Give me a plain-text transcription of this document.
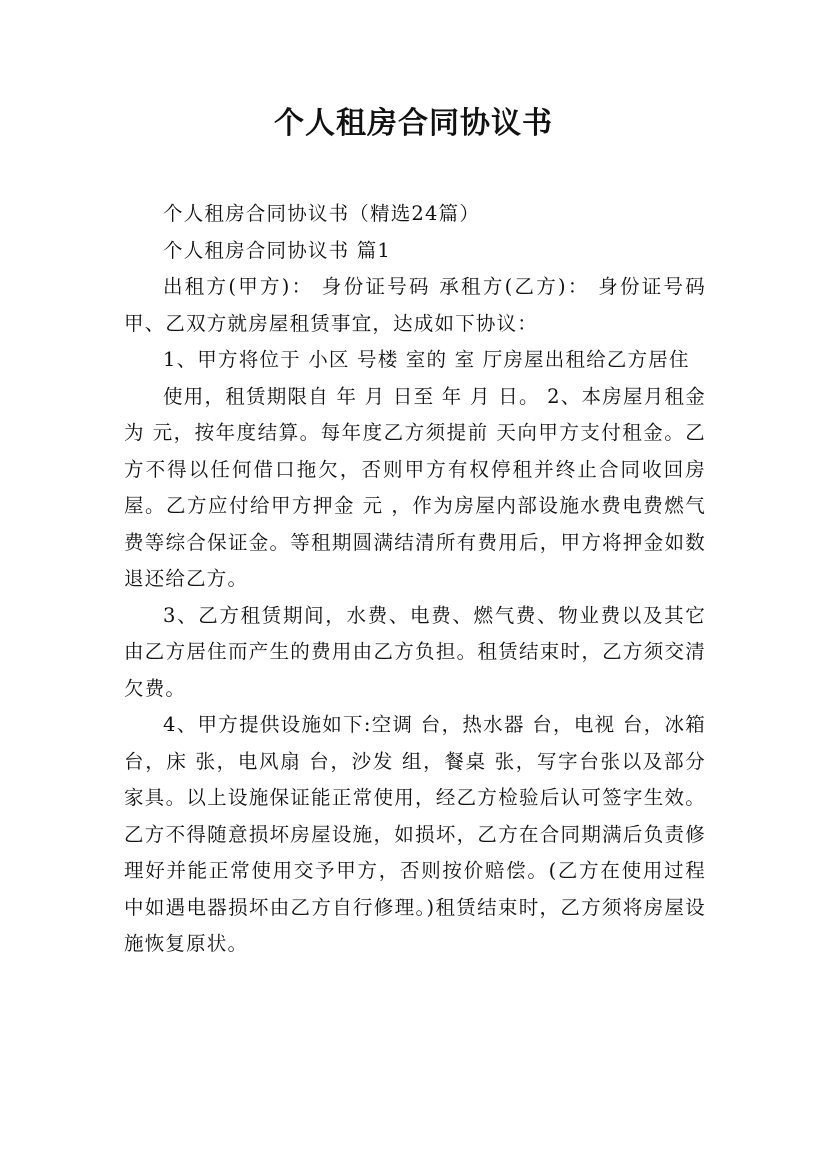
个人租房合同协议书

个人租房合同协议书（精选24篇）

个人租房合同协议书 篇1

出租方(甲方)： 身份证号码 承租方(乙方)： 身份证号码 甲、乙双方就房屋租赁事宜，达成如下协议：

1、甲方将位于 小区 号楼 室的 室 厅房屋出租给乙方居住

使用，租赁期限自 年 月 日至 年 月 日。 2、本房屋月租金为 元，按年度结算。每年度乙方须提前 天向甲方支付租金。乙方不得以任何借口拖欠，否则甲方有权停租并终止合同收回房屋。乙方应付给甲方押金 元 ，作为房屋内部设施水费电费燃气费等综合保证金。等租期圆满结清所有费用后，甲方将押金如数退还给乙方。

3、乙方租赁期间，水费、电费、燃气费、物业费以及其它由乙方居住而产生的费用由乙方负担。租赁结束时，乙方须交清欠费。

4、甲方提供设施如下:空调 台，热水器 台，电视 台，冰箱 台，床 张，电风扇 台，沙发 组，餐桌 张，写字台张以及部分家具。以上设施保证能正常使用，经乙方检验后认可签字生效。乙方不得随意损坏房屋设施，如损坏，乙方在合同期满后负责修理好并能正常使用交予甲方，否则按价赔偿。(乙方在使用过程中如遇电器损坏由乙方自行修理。)租赁结束时，乙方须将房屋设施恢复原状。
